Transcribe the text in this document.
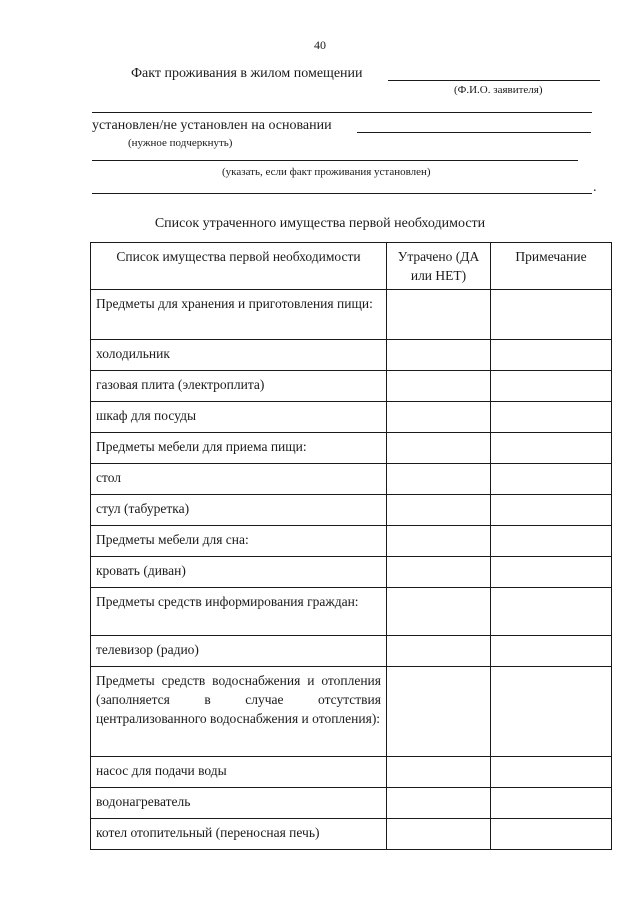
40
Факт проживания в жилом помещении
(Ф.И.О. заявителя)
установлен/не установлен на основании
(нужное подчеркнуть)
(указать, если факт проживания установлен)
.
Список утраченного имущества первой необходимости
Список имущества первой необходимости	Утрачено (ДА или НЕТ)	Примечание
Предметы для хранения и приготовления пищи:		
холодильник		
газовая плита (электроплита)		
шкаф для посуды		
Предметы мебели для приема пищи:		
стол		
стул (табуретка)		
Предметы мебели для сна:		
кровать (диван)		
Предметы средств информирования граждан:		
телевизор (радио)		
Предметы средств водоснабжения и отопления (заполняется в случае отсутствия централизованного водоснабжения и отопления):		
насос для подачи воды		
водонагреватель		
котел отопительный (переносная печь)		
